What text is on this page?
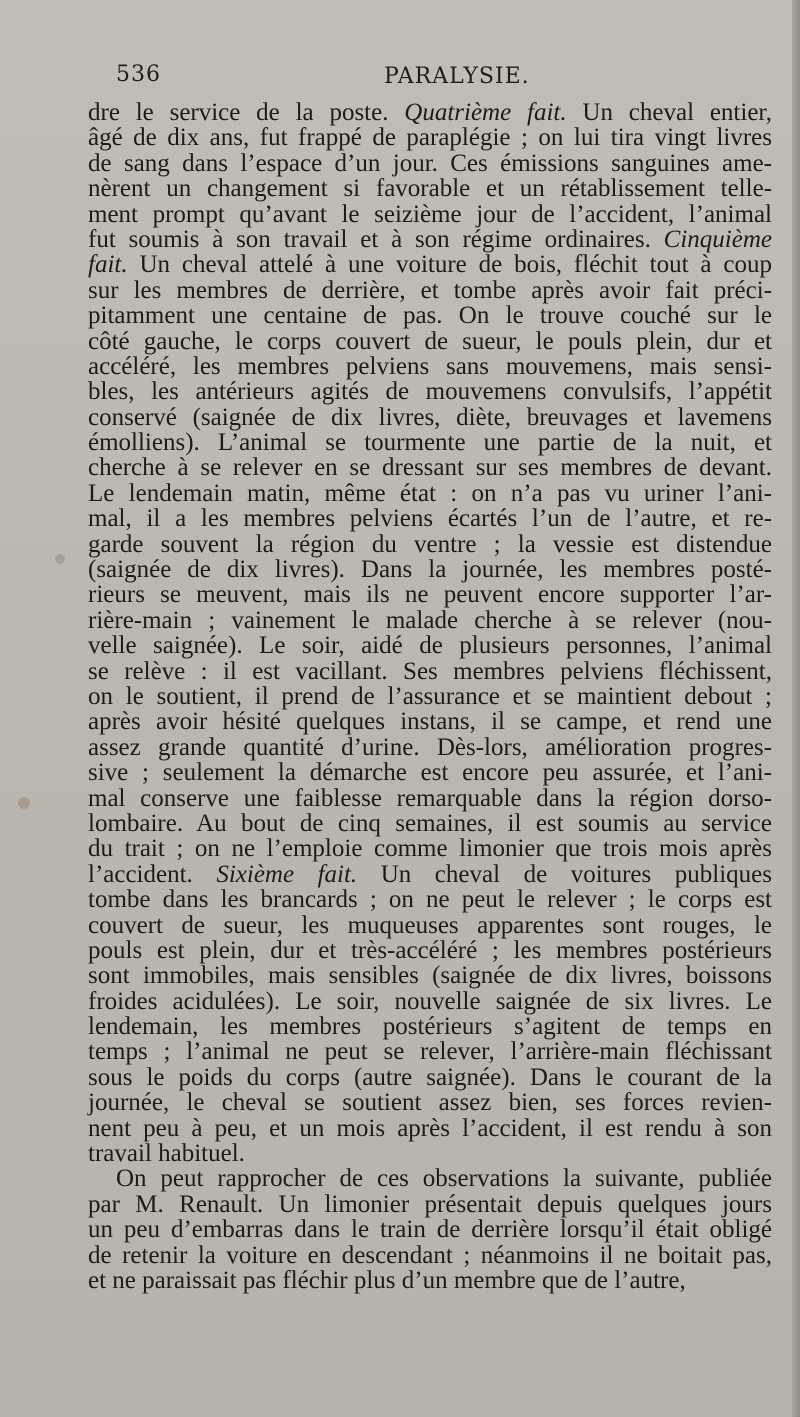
536	PARALYSIE.
dre le service de la poste. Quatrième fait. Un cheval entier,
âgé de dix ans, fut frappé de paraplégie ; on lui tira vingt livres
de sang dans l’espace d’un jour. Ces émissions sanguines ame-
nèrent un changement si favorable et un rétablissement telle-
ment prompt qu’avant le seizième jour de l’accident, l’animal
fut soumis à son travail et à son régime ordinaires. Cinquième
fait. Un cheval attelé à une voiture de bois, fléchit tout à coup
sur les membres de derrière, et tombe après avoir fait préci-
pitamment une centaine de pas. On le trouve couché sur le
côté gauche, le corps couvert de sueur, le pouls plein, dur et
accéléré, les membres pelviens sans mouvemens, mais sensi-
bles, les antérieurs agités de mouvemens convulsifs, l’appétit
conservé (saignée de dix livres, diète, breuvages et lavemens
émolliens). L’animal se tourmente une partie de la nuit, et
cherche à se relever en se dressant sur ses membres de devant.
Le lendemain matin, même état : on n’a pas vu uriner l’ani-
mal, il a les membres pelviens écartés l’un de l’autre, et re-
garde souvent la région du ventre ; la vessie est distendue
(saignée de dix livres). Dans la journée, les membres posté-
rieurs se meuvent, mais ils ne peuvent encore supporter l’ar-
rière-main ; vainement le malade cherche à se relever (nou-
velle saignée). Le soir, aidé de plusieurs personnes, l’animal
se relève : il est vacillant. Ses membres pelviens fléchissent,
on le soutient, il prend de l’assurance et se maintient debout ;
après avoir hésité quelques instans, il se campe, et rend une
assez grande quantité d’urine. Dès-lors, amélioration progres-
sive ; seulement la démarche est encore peu assurée, et l’ani-
mal conserve une faiblesse remarquable dans la région dorso-
lombaire. Au bout de cinq semaines, il est soumis au service
du trait ; on ne l’emploie comme limonier que trois mois après
l’accident. Sixième fait. Un cheval de voitures publiques
tombe dans les brancards ; on ne peut le relever ; le corps est
couvert de sueur, les muqueuses apparentes sont rouges, le
pouls est plein, dur et très-accéléré ; les membres postérieurs
sont immobiles, mais sensibles (saignée de dix livres, boissons
froides acidulées). Le soir, nouvelle saignée de six livres. Le
lendemain, les membres postérieurs s’agitent de temps en
temps ; l’animal ne peut se relever, l’arrière-main fléchissant
sous le poids du corps (autre saignée). Dans le courant de la
journée, le cheval se soutient assez bien, ses forces revien-
nent peu à peu, et un mois après l’accident, il est rendu à son
travail habituel.
On peut rapprocher de ces observations la suivante, publiée
par M. Renault. Un limonier présentait depuis quelques jours
un peu d’embarras dans le train de derrière lorsqu’il était obligé
de retenir la voiture en descendant ; néanmoins il ne boitait pas,
et ne paraissait pas fléchir plus d’un membre que de l’autre,
